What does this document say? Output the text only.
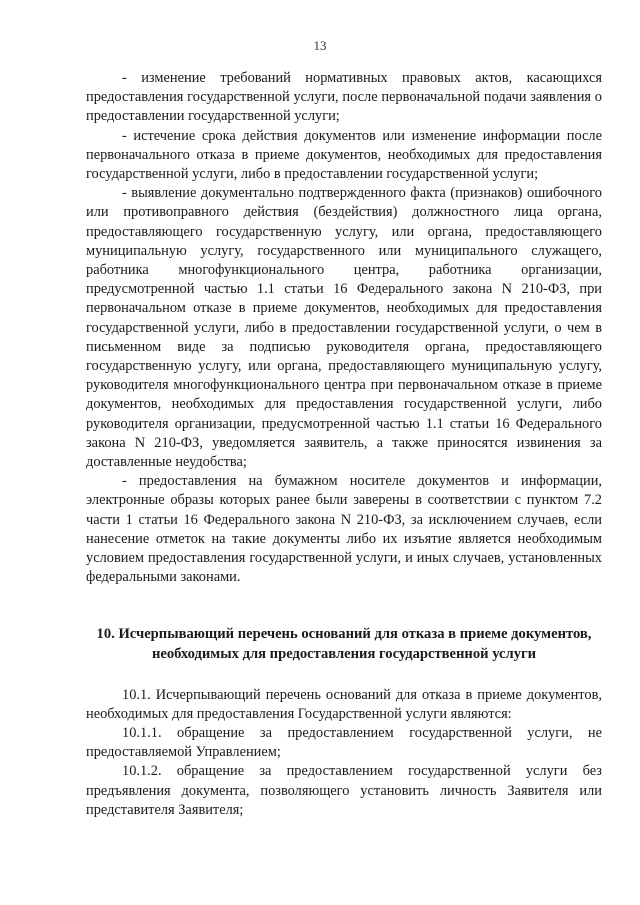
13

- изменение требований нормативных правовых актов, касающихся предоставления государственной услуги, после первоначальной подачи заявления о предоставлении государственной услуги;

- истечение срока действия документов или изменение информации после первоначального отказа в приеме документов, необходимых для предоставления государственной услуги, либо в предоставлении государственной услуги;

- выявление документально подтвержденного факта (признаков) ошибочного или противоправного действия (бездействия) должностного лица органа, предоставляющего государственную услугу, или органа, предоставляющего муниципальную услугу, государственного или муниципального служащего, работника многофункционального центра, работника организации, предусмотренной частью 1.1 статьи 16 Федерального закона N 210-ФЗ, при первоначальном отказе в приеме документов, необходимых для предоставления государственной услуги, либо в предоставлении государственной услуги, о чем в письменном виде за подписью руководителя органа, предоставляющего государственную услугу, или органа, предоставляющего муниципальную услугу, руководителя многофункционального центра при первоначальном отказе в приеме документов, необходимых для предоставления государственной услуги, либо руководителя организации, предусмотренной частью 1.1 статьи 16 Федерального закона N 210-ФЗ, уведомляется заявитель, а также приносятся извинения за доставленные неудобства;

- предоставления на бумажном носителе документов и информации, электронные образы которых ранее были заверены в соответствии с пунктом 7.2 части 1 статьи 16 Федерального закона N 210-ФЗ, за исключением случаев, если нанесение отметок на такие документы либо их изъятие является необходимым условием предоставления государственной услуги, и иных случаев, установленных федеральными законами.

10. Исчерпывающий перечень оснований для отказа в приеме документов,
необходимых для предоставления государственной услуги

10.1. Исчерпывающий перечень оснований для отказа в приеме документов, необходимых для предоставления Государственной услуги являются:

10.1.1. обращение за предоставлением государственной услуги, не предоставляемой Управлением;

10.1.2. обращение за предоставлением государственной услуги без предъявления документа, позволяющего установить личность Заявителя или представителя Заявителя;
